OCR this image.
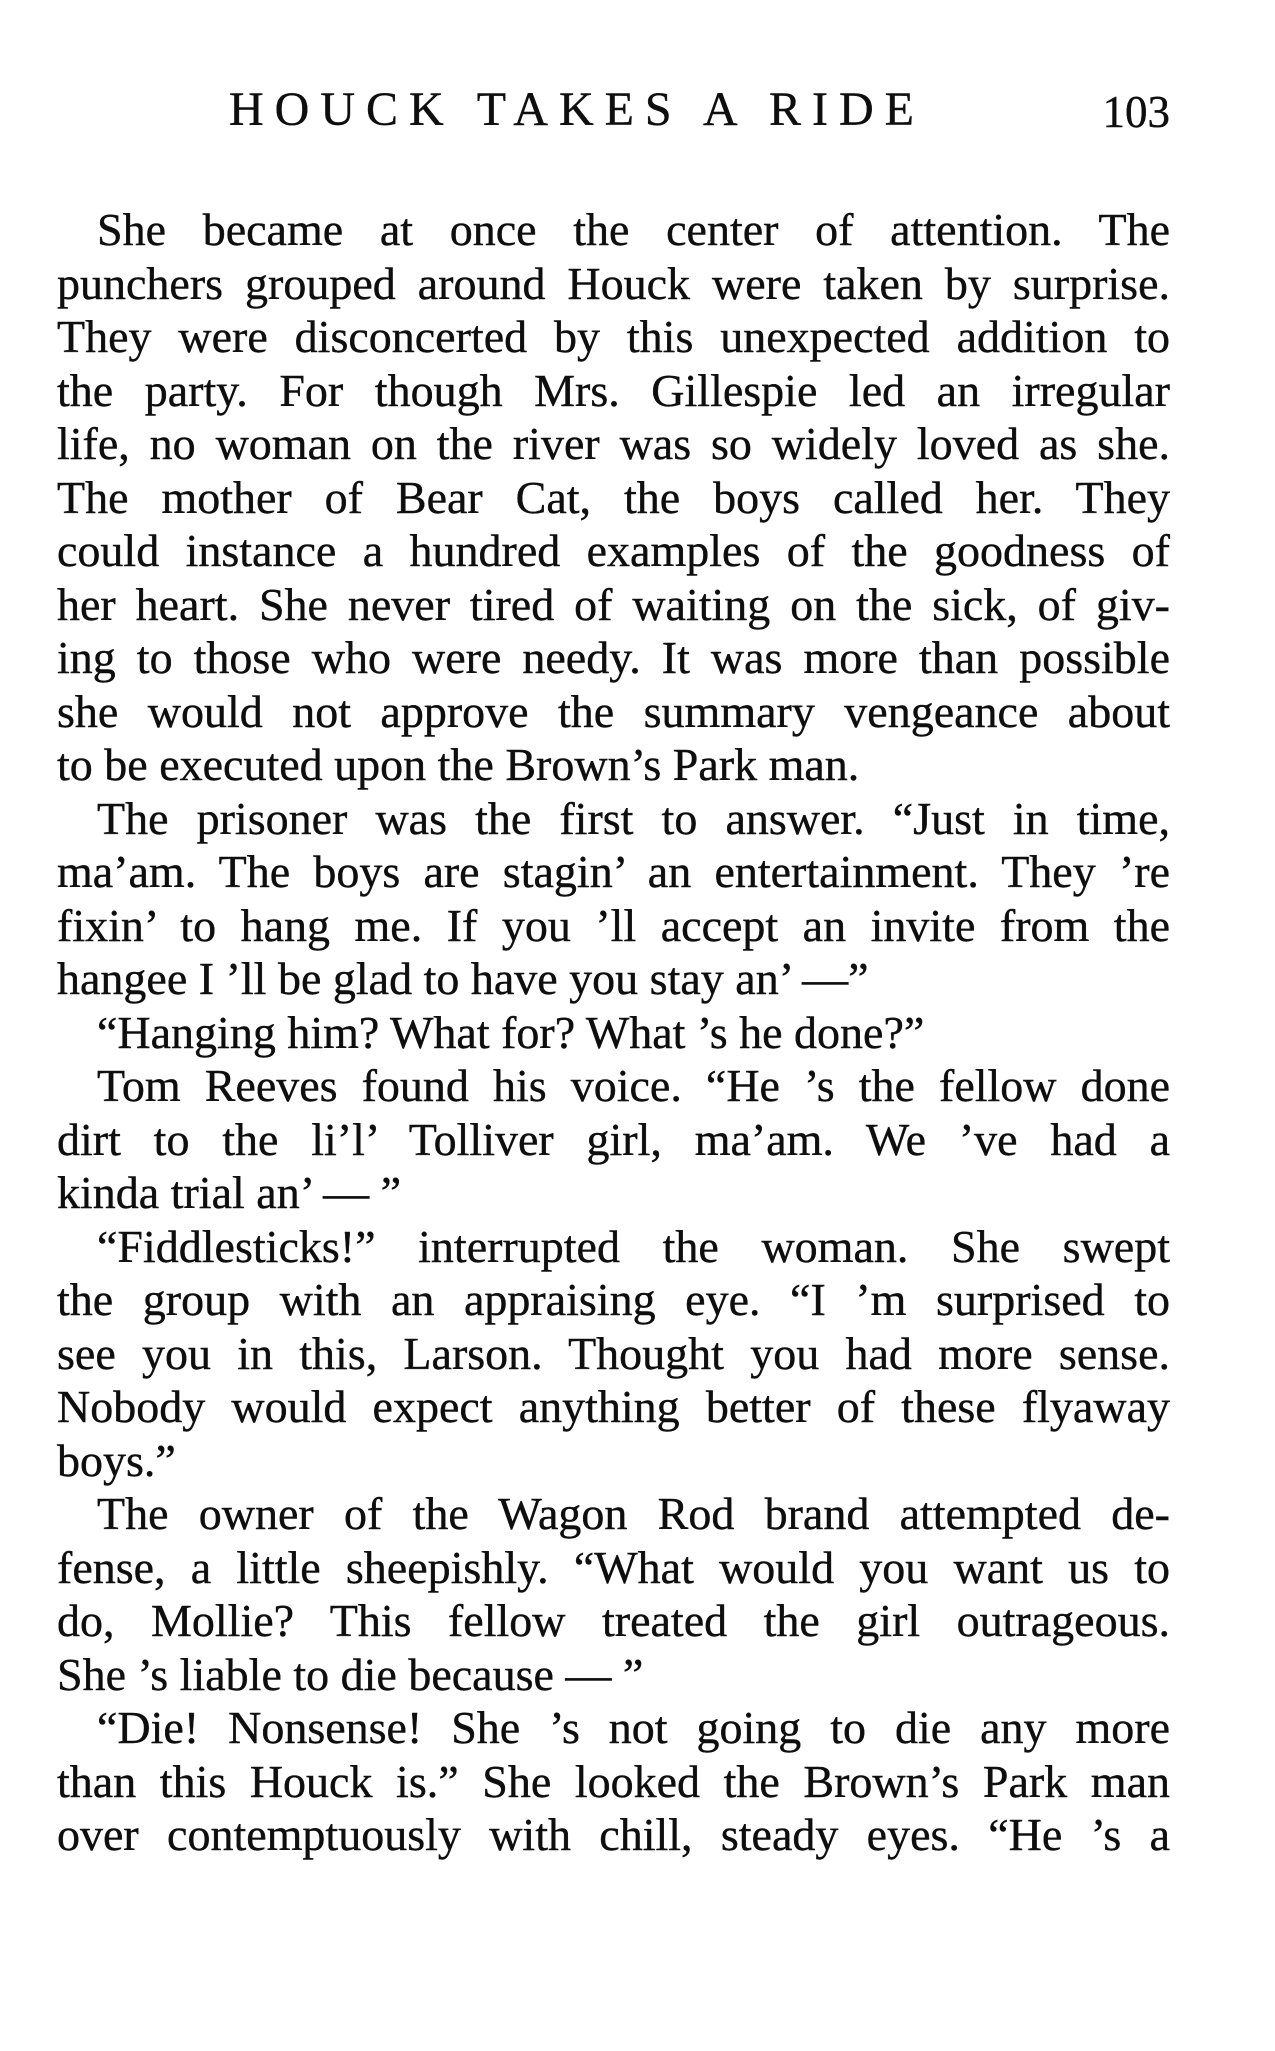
HOUCK TAKES A RIDE	103
She became at once the center of attention. The
punchers grouped around Houck were taken by surprise.
They were disconcerted by this unexpected addition to
the party. For though Mrs. Gillespie led an irregular
life, no woman on the river was so widely loved as she.
The mother of Bear Cat, the boys called her. They
could instance a hundred examples of the goodness of
her heart. She never tired of waiting on the sick, of giv-
ing to those who were needy. It was more than possible
she would not approve the summary vengeance about
to be executed upon the Brown’s Park man.
The prisoner was the first to answer. “Just in time,
ma’am. The boys are stagin’ an entertainment. They ’re
fixin’ to hang me. If you ’ll accept an invite from the
hangee I ’ll be glad to have you stay an’ —”
“Hanging him? What for? What ’s he done?”
Tom Reeves found his voice. “He ’s the fellow done
dirt to the li’l’ Tolliver girl, ma’am. We ’ve had a
kinda trial an’ — ”
“Fiddlesticks!” interrupted the woman. She swept
the group with an appraising eye. “I ’m surprised to
see you in this, Larson. Thought you had more sense.
Nobody would expect anything better of these flyaway
boys.”
The owner of the Wagon Rod brand attempted de-
fense, a little sheepishly. “What would you want us to
do, Mollie? This fellow treated the girl outrageous.
She ’s liable to die because — ”
“Die! Nonsense! She ’s not going to die any more
than this Houck is.” She looked the Brown’s Park man
over contemptuously with chill, steady eyes. “He ’s a
